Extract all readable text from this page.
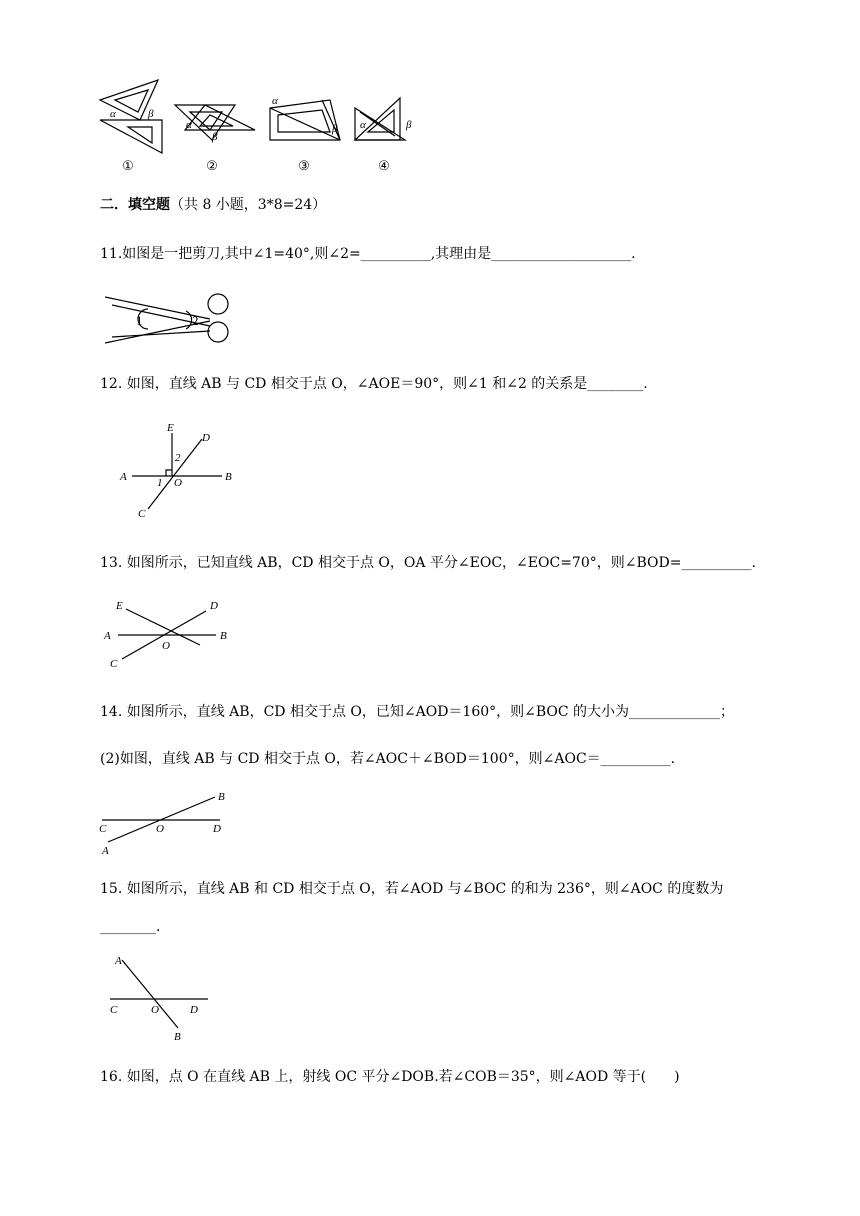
α	β
α
β
α
β α	β
①	②	③	④
二．填空题（共 8 小题，3*8=24）
11.如图是一把剪刀,其中∠1=40°,则∠2=__________,其理由是____________________.
1	2
12. 如图，直线 AB 与 CD 相交于点 O，∠AOE＝90°，则∠1 和∠2 的关系是________.
E
D
A	B
O
C
1
2
13. 如图所示，已知直线 AB，CD 相交于点 O，OA 平分∠EOC，∠EOC=70°，则∠BOD=__________.
E	D
A	B
O
C
14. 如图所示，直线 AB，CD 相交于点 O，已知∠AOD＝160°，则∠BOC 的大小为_____________；
(2)如图，直线 AB 与 CD 相交于点 O，若∠AOC＋∠BOD＝100°，则∠AOC＝__________.
B
C	O	D
A
15. 如图所示，直线 AB 和 CD 相交于点 O，若∠AOD 与∠BOC 的和为 236°，则∠AOC 的度数为
________.
A
C	O	D
B
16. 如图，点 O 在直线 AB 上，射线 OC 平分∠DOB.若∠COB＝35°，则∠AOD 等于(　　)
